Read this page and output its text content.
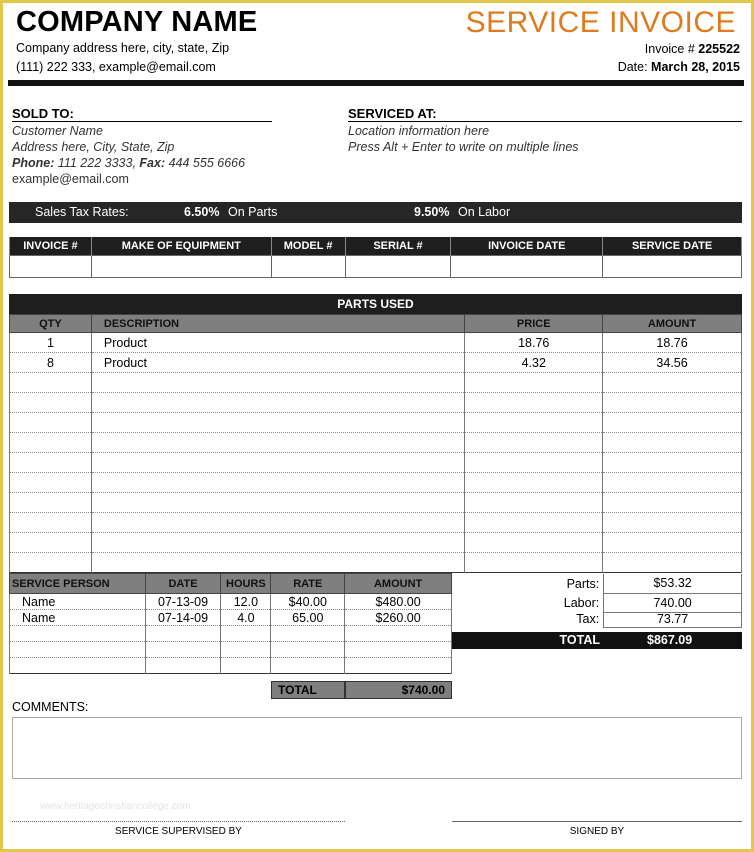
COMPANY NAME
Company address here, city, state, Zip
(111) 222 333, example@email.com
SERVICE INVOICE
Invoice # 225522
Date: March 28, 2015
SOLD TO:
Customer Name
Address here, City, State, Zip
Phone: 111 222 3333, Fax: 444 555 6666
example@email.com
SERVICED AT:
Location information here
Press Alt + Enter to write on multiple lines
Sales Tax Rates:	6.50% On Parts	9.50% On Labor
INVOICE #	MAKE OF EQUIPMENT	MODEL #	SERIAL #	INVOICE DATE	SERVICE DATE

PARTS USED
QTY	DESCRIPTION	PRICE	AMOUNT
1	Product	18.76	18.76
8	Product	4.32	34.56

SERVICE PERSON	DATE	HOURS	RATE	AMOUNT
Name	07-13-09	12.0	$40.00	$480.00
Name	07-14-09	4.0	65.00	$260.00

TOTAL	$740.00
Parts:	$53.32
Labor:	740.00
Tax:	73.77
TOTAL	$867.09
COMMENTS:
www.heritagechristiancollege.com
SERVICE SUPERVISED BY	SIGNED BY
